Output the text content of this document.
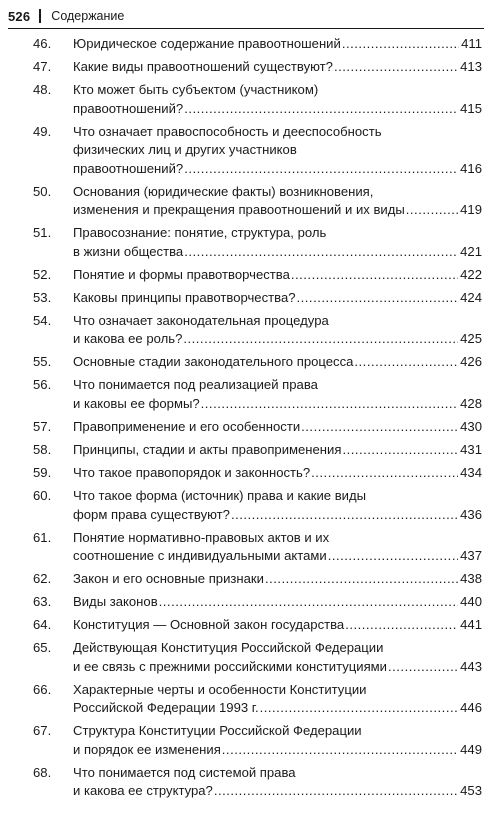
526 Содержание
46. Юридическое содержание правоотношений .....	411
47. Какие виды правоотношений существуют? .....	413
48. Кто может быть субъектом (участником)
правоотношений? .....	415
49. Что означает правоспособность и дееспособность
физических лиц и других участников
правоотношений? .....	416
50. Основания (юридические факты) возникновения,
изменения и прекращения правоотношений и их виды .....	419
51. Правосознание: понятие, структура, роль
в жизни общества .....	421
52. Понятие и формы правотворчества .....	422
53. Каковы принципы правотворчества? .....	424
54. Что означает законодательная процедура
и какова ее роль? .....	425
55. Основные стадии законодательного процесса .....	426
56. Что понимается под реализацией права
и каковы ее формы? .....	428
57. Правоприменение и его особенности .....	430
58. Принципы, стадии и акты правоприменения .....	431
59. Что такое правопорядок и законность? .....	434
60. Что такое форма (источник) права и какие виды
форм права существуют? .....	436
61. Понятие нормативно-правовых актов и их
соотношение с индивидуальными актами .....	437
62. Закон и его основные признаки .....	438
63. Виды законов .....	440
64. Конституция — Основной закон государства .....	441
65. Действующая Конституция Российской Федерации
и ее связь с прежними российскими конституциями .....	443
66. Характерные черты и особенности Конституции
Российской Федерации 1993 г. .....	446
67. Структура Конституции Российской Федерации
и порядок ее изменения .....	449
68. Что понимается под системой права
и какова ее структура? .....	453
